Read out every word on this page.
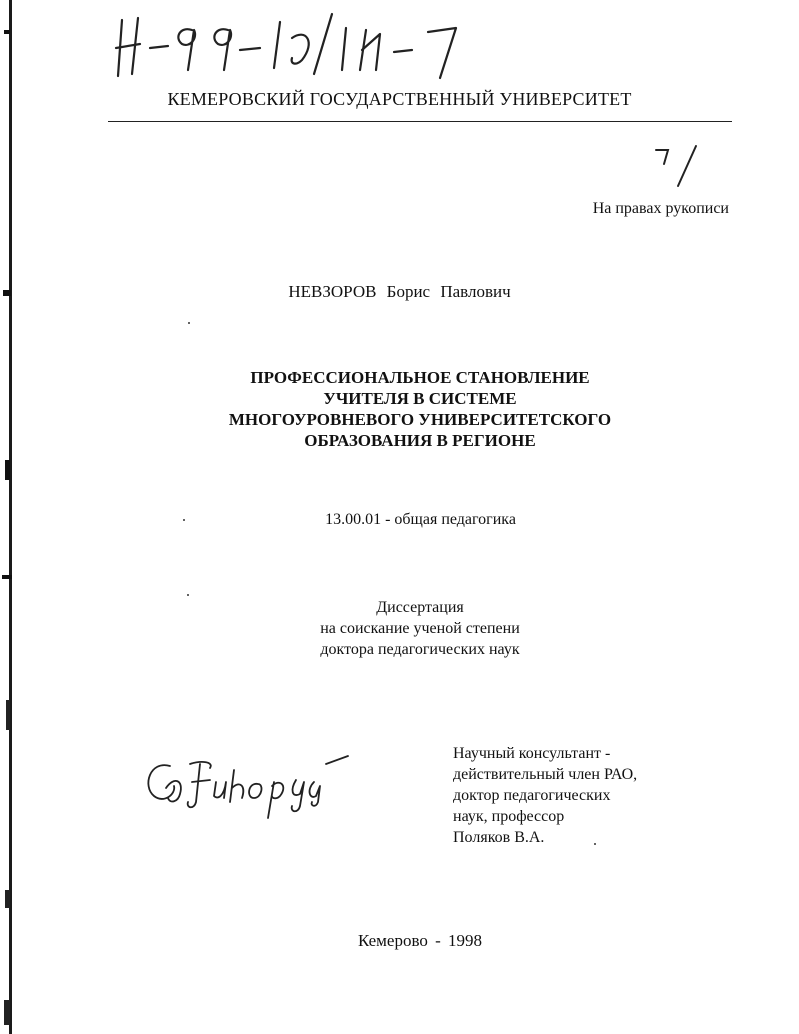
КЕМЕРОВСКИЙ ГОСУДАРСТВЕННЫЙ УНИВЕРСИТЕТ
На правах рукописи
НЕВЗОРОВ Борис Павлович
ПРОФЕССИОНАЛЬНОЕ СТАНОВЛЕНИЕ
УЧИТЕЛЯ В СИСТЕМЕ
МНОГОУРОВНЕВОГО УНИВЕРСИТЕТСКОГО
ОБРАЗОВАНИЯ В РЕГИОНЕ
13.00.01 - общая педагогика
Диссертация
на соискание ученой степени
доктора педагогических наук
Научный консультант -
действительный член РАО,
доктор педагогических
наук, профессор
Поляков В.А.
Кемерово - 1998
